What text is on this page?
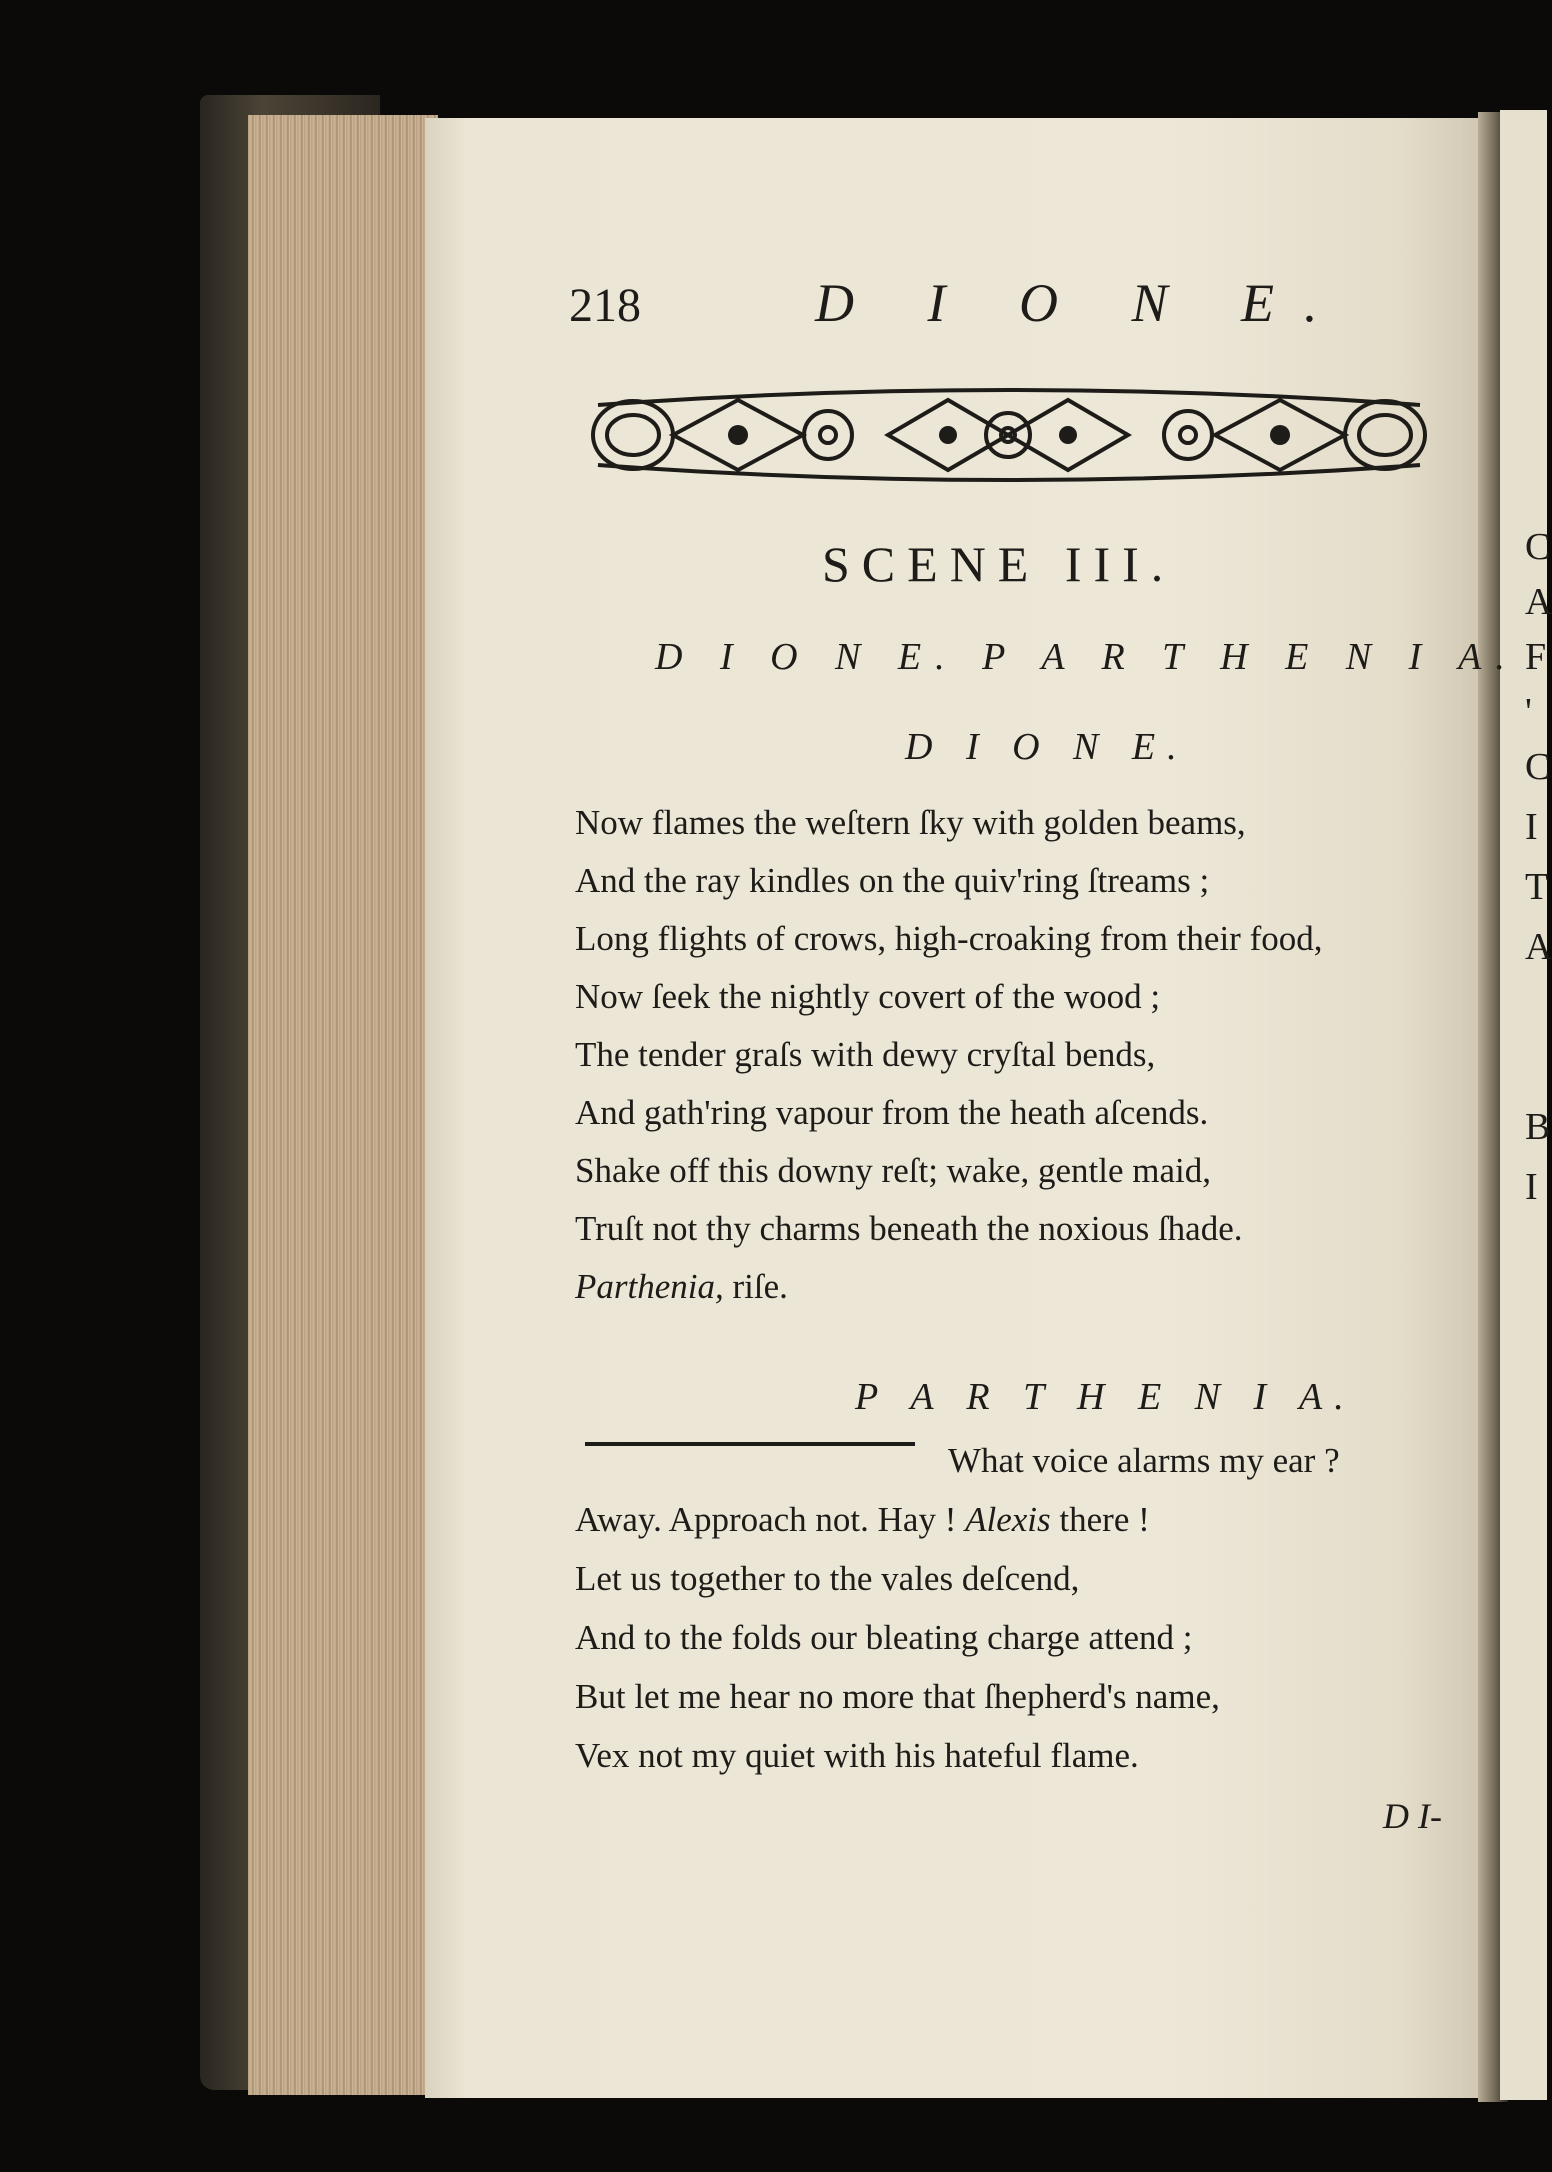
218	D I O N E.
SCENE III.
D I O N E. P A R T H E N I A.
D I O N E.
Now flames the weſtern ſky with golden beams,
And the ray kindles on the quiv'ring ſtreams ;
Long flights of crows, high-croaking from their food,
Now ſeek the nightly covert of the wood ;
The tender graſs with dewy cryſtal bends,
And gath'ring vapour from the heath aſcends.
Shake off this downy reſt; wake, gentle maid,
Truſt not thy charms beneath the noxious ſhade.
Parthenia, riſe.
P A R T H E N I A.
What voice alarms my ear ?
Away. Approach not. Hay ! Alexis there !
Let us together to the vales deſcend,
And to the folds our bleating charge attend ;
But let me hear no more that ſhepherd's name,
Vex not my quiet with his hateful flame.
D I-
C
A
F
'
C
I
T
A
B
I
